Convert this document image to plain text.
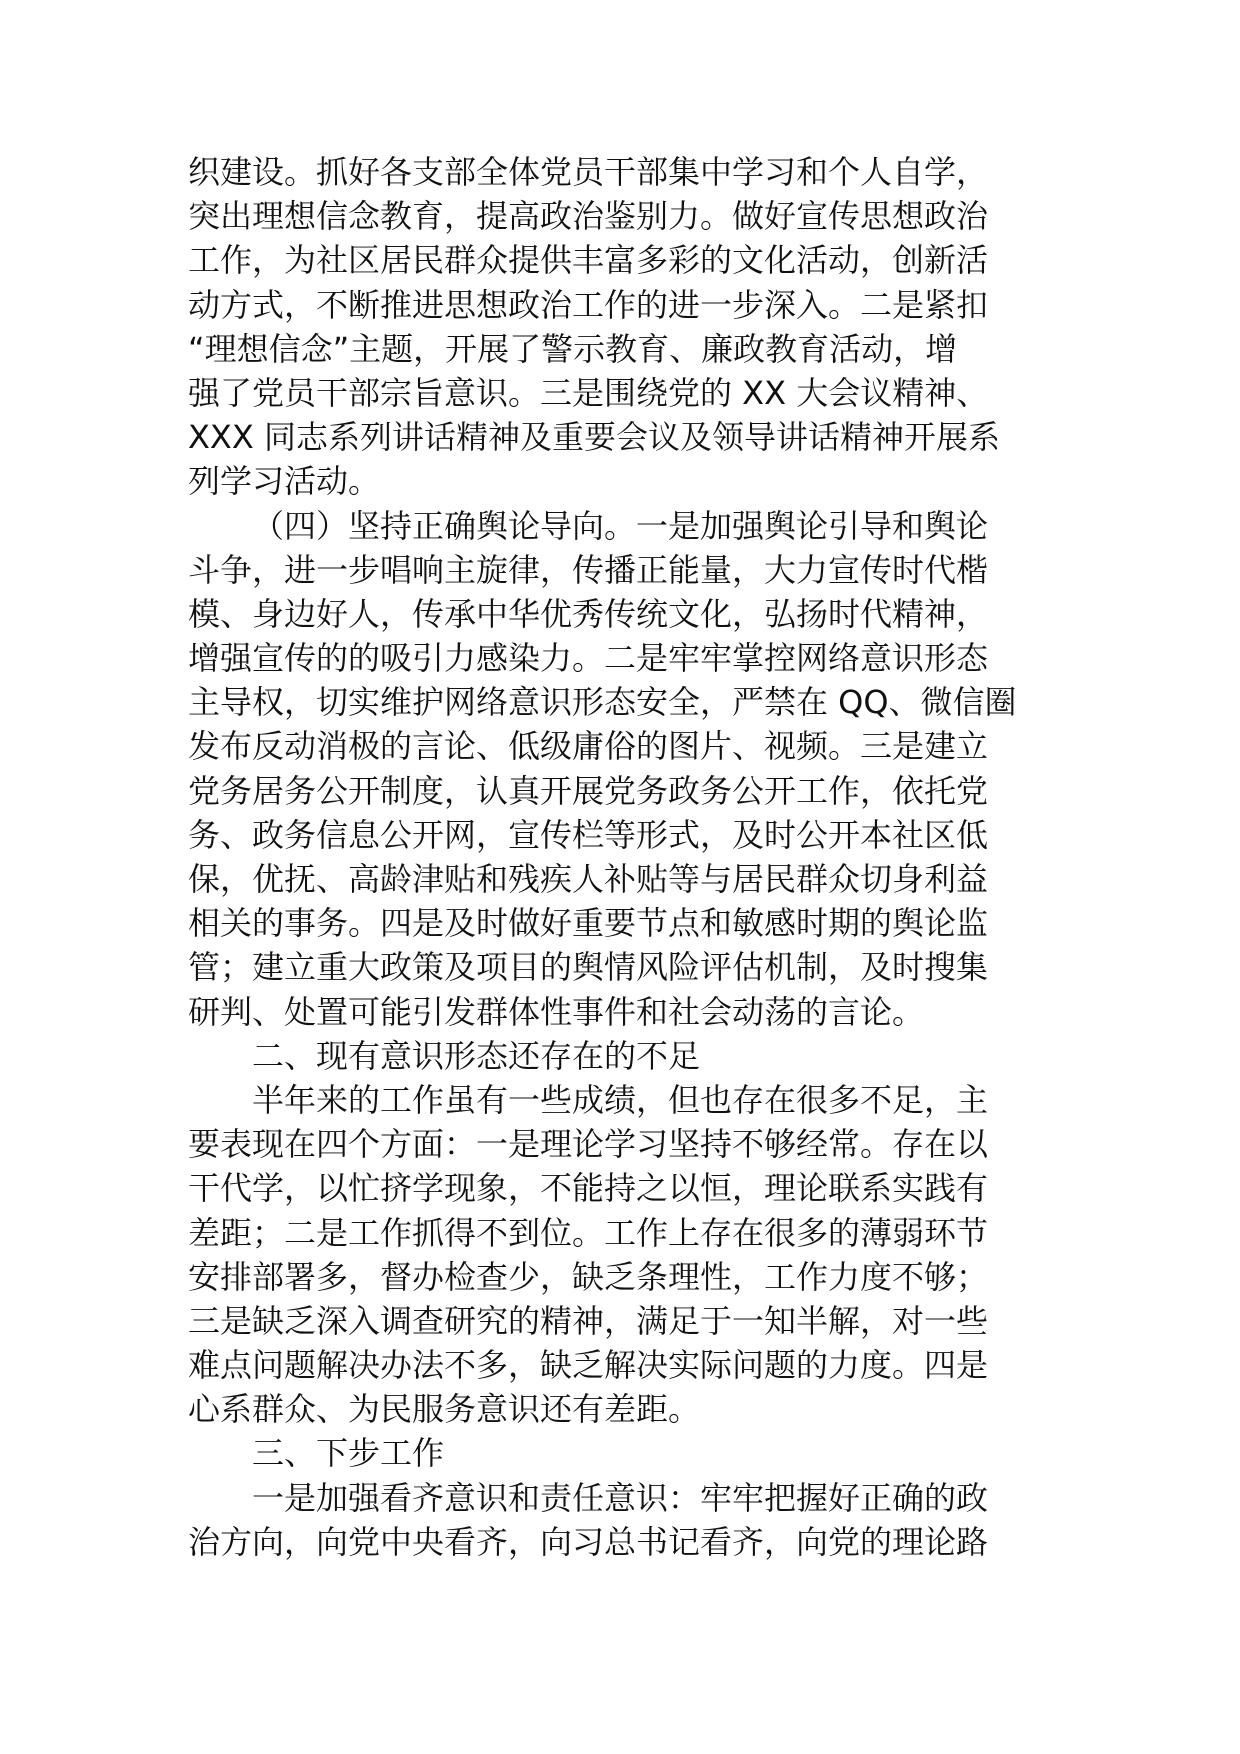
织建设。抓好各支部全体党员干部集中学习和个人自学，
突出理想信念教育，提高政治鉴别力。做好宣传思想政治
工作，为社区居民群众提供丰富多彩的文化活动，创新活
动方式，不断推进思想政治工作的进一步深入。二是紧扣
“理想信念”主题，开展了警示教育、廉政教育活动，增
强了党员干部宗旨意识。三是围绕党的 XX 大会议精神、
XXX 同志系列讲话精神及重要会议及领导讲话精神开展系
列学习活动。
（四）坚持正确舆论导向。一是加强舆论引导和舆论
斗争，进一步唱响主旋律，传播正能量，大力宣传时代楷
模、身边好人，传承中华优秀传统文化，弘扬时代精神，
增强宣传的的吸引力感染力。二是牢牢掌控网络意识形态
主导权，切实维护网络意识形态安全，严禁在 QQ、微信圈
发布反动消极的言论、低级庸俗的图片、视频。三是建立
党务居务公开制度，认真开展党务政务公开工作，依托党
务、政务信息公开网，宣传栏等形式，及时公开本社区低
保，优抚、高龄津贴和残疾人补贴等与居民群众切身利益
相关的事务。四是及时做好重要节点和敏感时期的舆论监
管；建立重大政策及项目的舆情风险评估机制，及时搜集
研判、处置可能引发群体性事件和社会动荡的言论。
二、现有意识形态还存在的不足
半年来的工作虽有一些成绩，但也存在很多不足，主
要表现在四个方面：一是理论学习坚持不够经常。存在以
干代学，以忙挤学现象，不能持之以恒，理论联系实践有
差距；二是工作抓得不到位。工作上存在很多的薄弱环节
安排部署多，督办检查少，缺乏条理性，工作力度不够；
三是缺乏深入调查研究的精神，满足于一知半解，对一些
难点问题解决办法不多，缺乏解决实际问题的力度。四是
心系群众、为民服务意识还有差距。
三、下步工作
一是加强看齐意识和责任意识：牢牢把握好正确的政
治方向，向党中央看齐，向习总书记看齐，向党的理论路
